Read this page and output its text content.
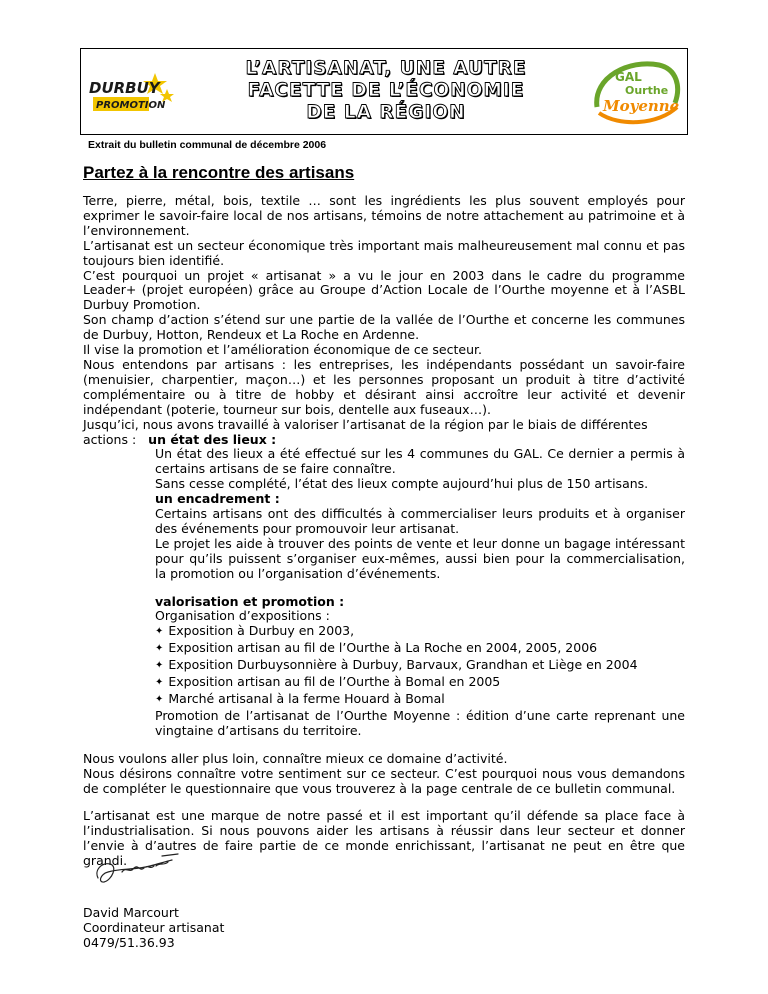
DURBUY
PROMOTION
L’ARTISANAT, UNE AUTRE
FACETTE DE L’ÉCONOMIE
DE LA RÉGION
GAL
Ourthe
Moyenne
Extrait du bulletin communal de décembre 2006
Partez à la rencontre des artisans

Terre, pierre, métal, bois, textile … sont les ingrédients les plus souvent employés pour exprimer le savoir-faire local de nos artisans, témoins de notre attachement au patrimoine et à l’environnement.

L’artisanat est un secteur économique très important mais malheureusement mal connu et pas toujours bien identifié.

C’est pourquoi un projet « artisanat » a vu le jour en 2003 dans le cadre du programme Leader+ (projet européen) grâce au Groupe d’Action Locale de l’Ourthe moyenne et à l’ASBL Durbuy Promotion.

Son champ d’action s’étend sur une partie de la vallée de l’Ourthe et concerne les communes de Durbuy, Hotton, Rendeux et La Roche en Ardenne.

Il vise la promotion et l’amélioration économique de ce secteur.

Nous entendons par artisans : les entreprises, les indépendants possédant un savoir-faire (menuisier, charpentier, maçon…) et les personnes proposant un produit à titre d’activité complémentaire ou à titre de hobby et désirant ainsi accroître leur activité et devenir indépendant (poterie, tourneur sur bois, dentelle aux fuseaux…).

Jusqu’ici, nous avons travaillé à valoriser l’artisanat de la région par le biais de différentes

actions : un état des lieux :

Un état des lieux a été effectué sur les 4 communes du GAL. Ce dernier a permis à certains artisans de se faire connaître.

Sans cesse complété, l’état des lieux compte aujourd’hui plus de 150 artisans.

un encadrement :

Certains artisans ont des difficultés à commercialiser leurs produits et à organiser des événements pour promouvoir leur artisanat.

Le projet les aide à trouver des points de vente et leur donne un bagage intéressant pour qu’ils puissent s’organiser eux-mêmes, aussi bien pour la commercialisation, la promotion ou l’organisation d’événements.

valorisation et promotion :

Organisation d’expositions :

✦ Exposition à Durbuy en 2003,

✦ Exposition artisan au fil de l’Ourthe à La Roche en 2004, 2005, 2006

✦ Exposition Durbuysonnière à Durbuy, Barvaux, Grandhan et Liège en 2004

✦ Exposition artisan au fil de l’Ourthe à Bomal en 2005

✦ Marché artisanal à la ferme Houard à Bomal

Promotion de l’artisanat de l’Ourthe Moyenne : édition d’une carte reprenant une vingtaine d’artisans du territoire.

Nous voulons aller plus loin, connaître mieux ce domaine d’activité.

Nous désirons connaître votre sentiment sur ce secteur. C’est pourquoi nous vous demandons de compléter le questionnaire que vous trouverez à la page centrale de ce bulletin communal.

L’artisanat est une marque de notre passé et il est important qu’il défende sa place face à l’industrialisation. Si nous pouvons aider les artisans à réussir dans leur secteur et donner l’envie à d’autres de faire partie de ce monde enrichissant, l’artisanat ne peut en être que grandi.

David Marcourt
Coordinateur artisanat
0479/51.36.93
